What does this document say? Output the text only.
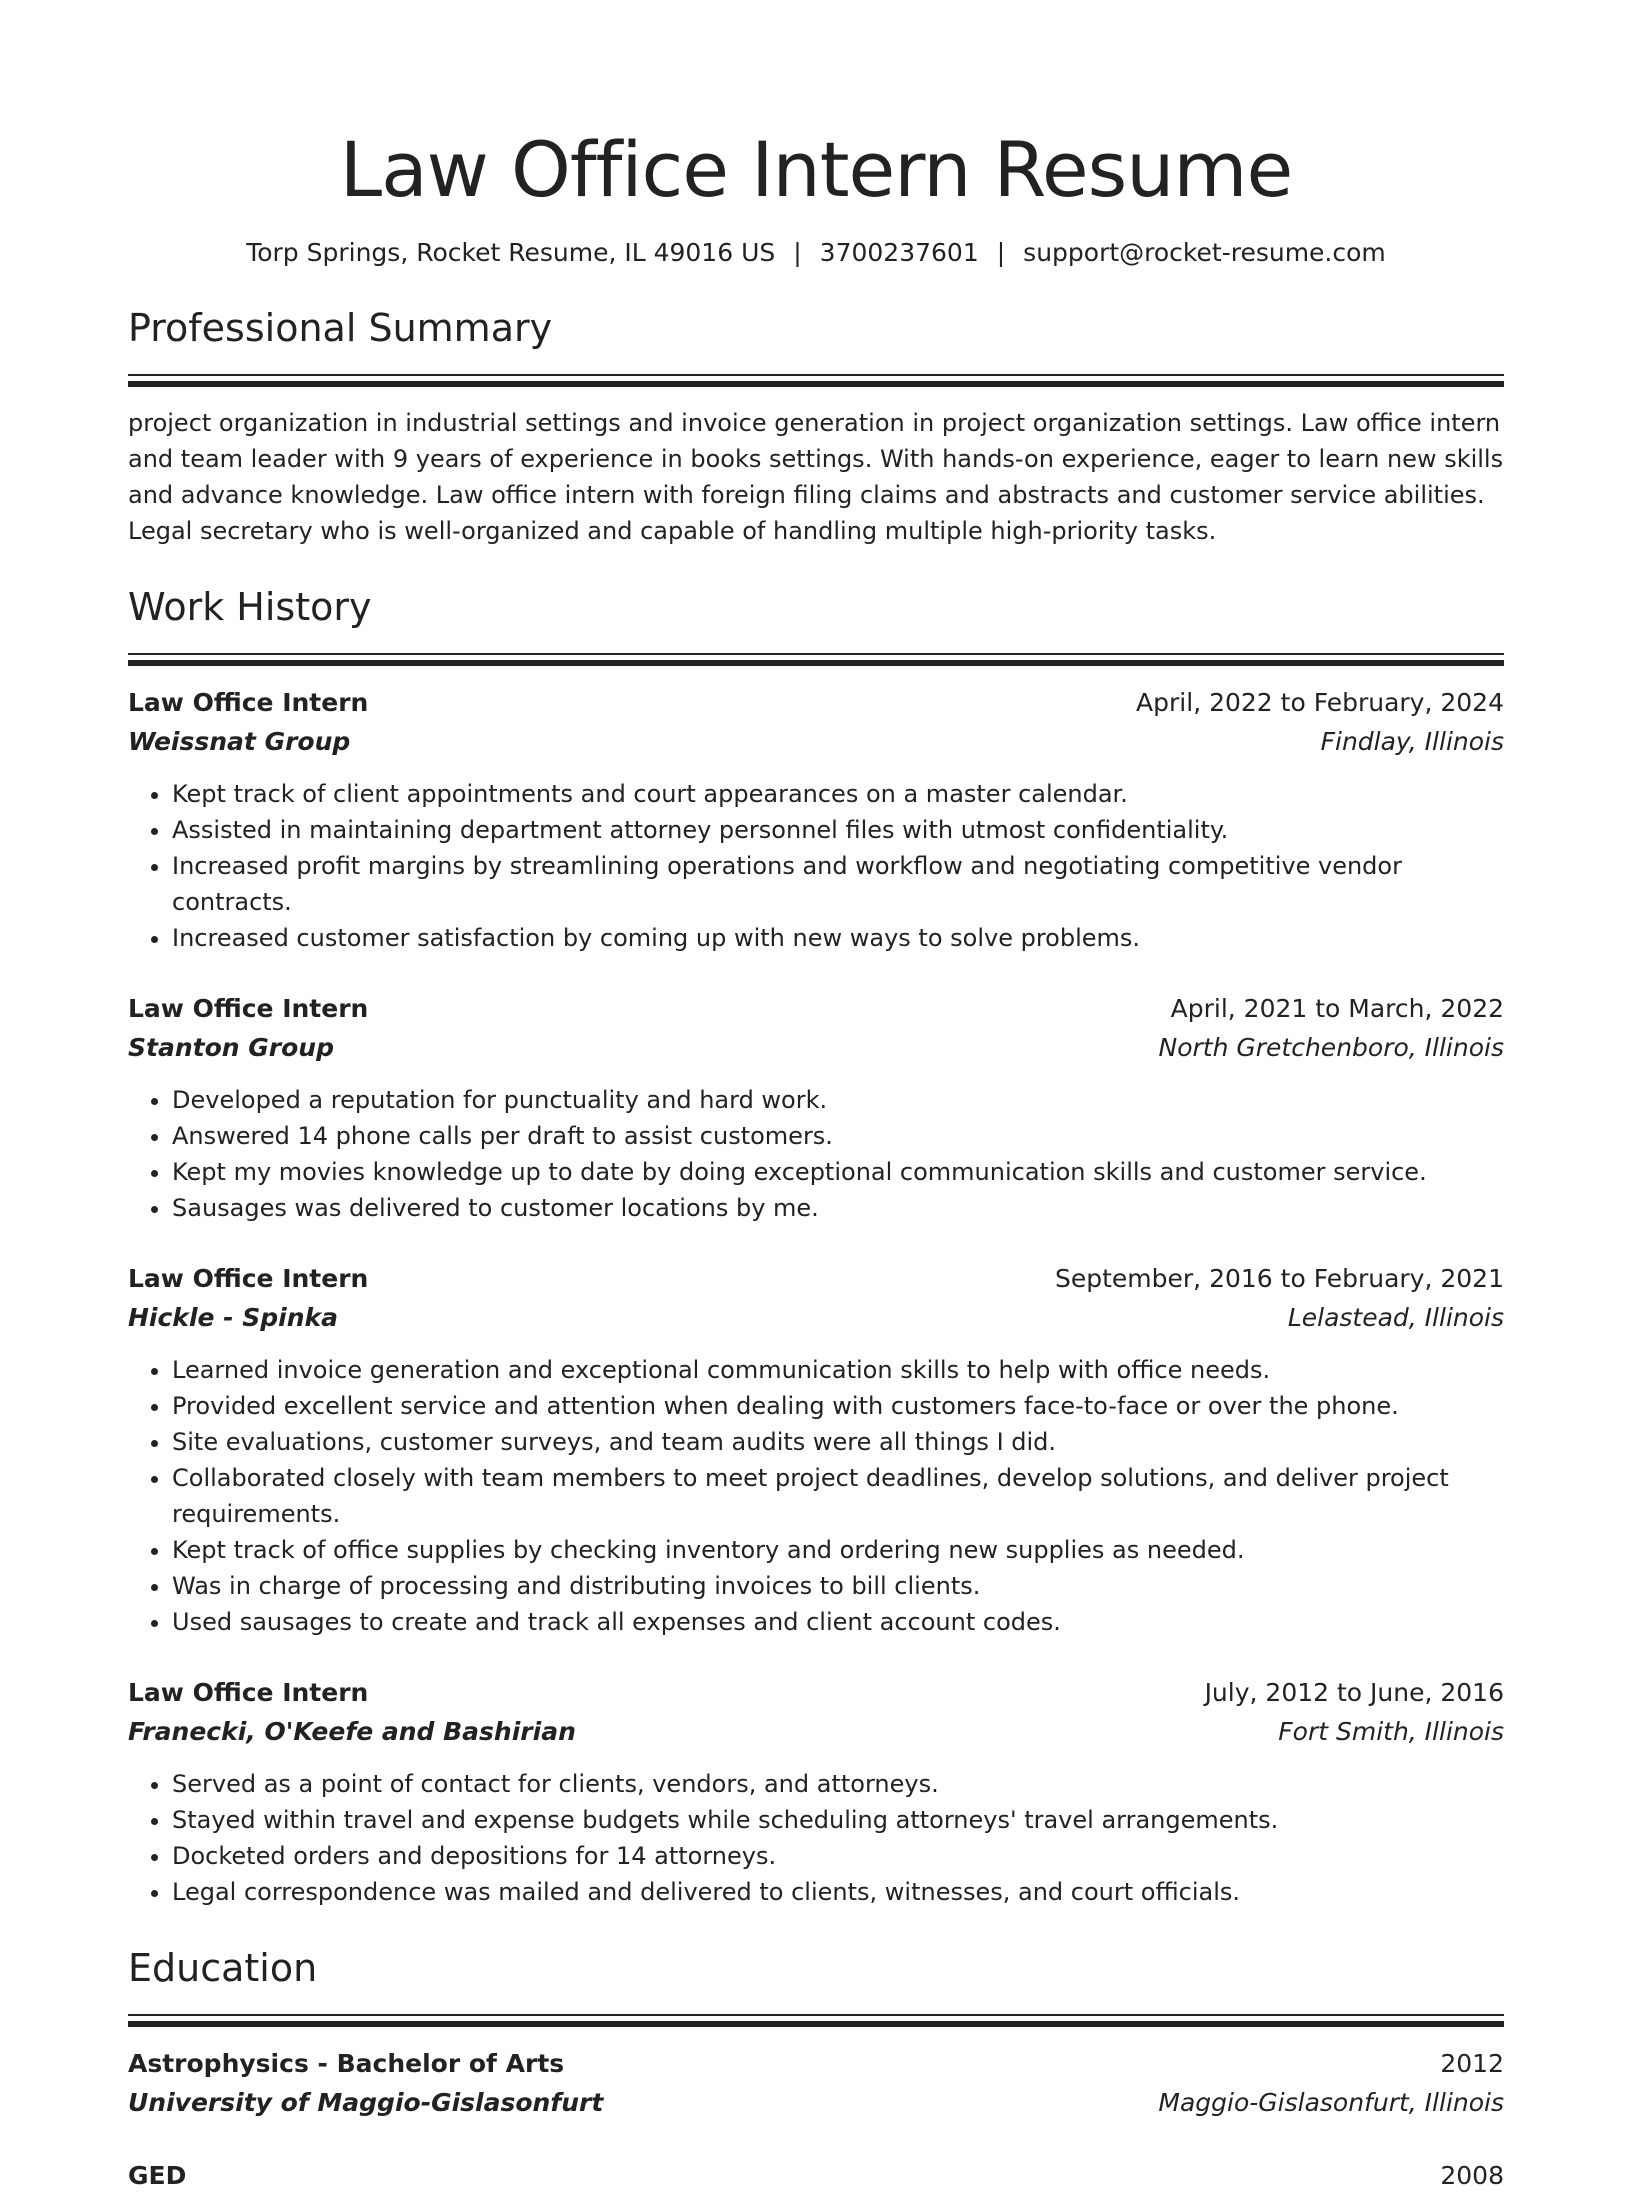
Law Office Intern Resume
Torp Springs, Rocket Resume, IL 49016 US | 3700237601 | support@rocket-resume.com
Professional Summary
project organization in industrial settings and invoice generation in project organization settings. Law office intern and team leader with 9 years of experience in books settings. With hands-on experience, eager to learn new skills and advance knowledge. Law office intern with foreign filing claims and abstracts and customer service abilities. Legal secretary who is well-organized and capable of handling multiple high-priority tasks.
Work History
Law Office Intern	April, 2022 to February, 2024
Weissnat Group	Findlay, Illinois
• Kept track of client appointments and court appearances on a master calendar.
• Assisted in maintaining department attorney personnel files with utmost confidentiality.
• Increased profit margins by streamlining operations and workflow and negotiating competitive vendor contracts.
• Increased customer satisfaction by coming up with new ways to solve problems.
Law Office Intern	April, 2021 to March, 2022
Stanton Group	North Gretchenboro, Illinois
• Developed a reputation for punctuality and hard work.
• Answered 14 phone calls per draft to assist customers.
• Kept my movies knowledge up to date by doing exceptional communication skills and customer service.
• Sausages was delivered to customer locations by me.
Law Office Intern	September, 2016 to February, 2021
Hickle - Spinka	Lelastead, Illinois
• Learned invoice generation and exceptional communication skills to help with office needs.
• Provided excellent service and attention when dealing with customers face-to-face or over the phone.
• Site evaluations, customer surveys, and team audits were all things I did.
• Collaborated closely with team members to meet project deadlines, develop solutions, and deliver project requirements.
• Kept track of office supplies by checking inventory and ordering new supplies as needed.
• Was in charge of processing and distributing invoices to bill clients.
• Used sausages to create and track all expenses and client account codes.
Law Office Intern	July, 2012 to June, 2016
Franecki, O'Keefe and Bashirian	Fort Smith, Illinois
• Served as a point of contact for clients, vendors, and attorneys.
• Stayed within travel and expense budgets while scheduling attorneys' travel arrangements.
• Docketed orders and depositions for 14 attorneys.
• Legal correspondence was mailed and delivered to clients, witnesses, and court officials.
Education
Astrophysics - Bachelor of Arts	2012
University of Maggio-Gislasonfurt	Maggio-Gislasonfurt, Illinois
GED	2008
